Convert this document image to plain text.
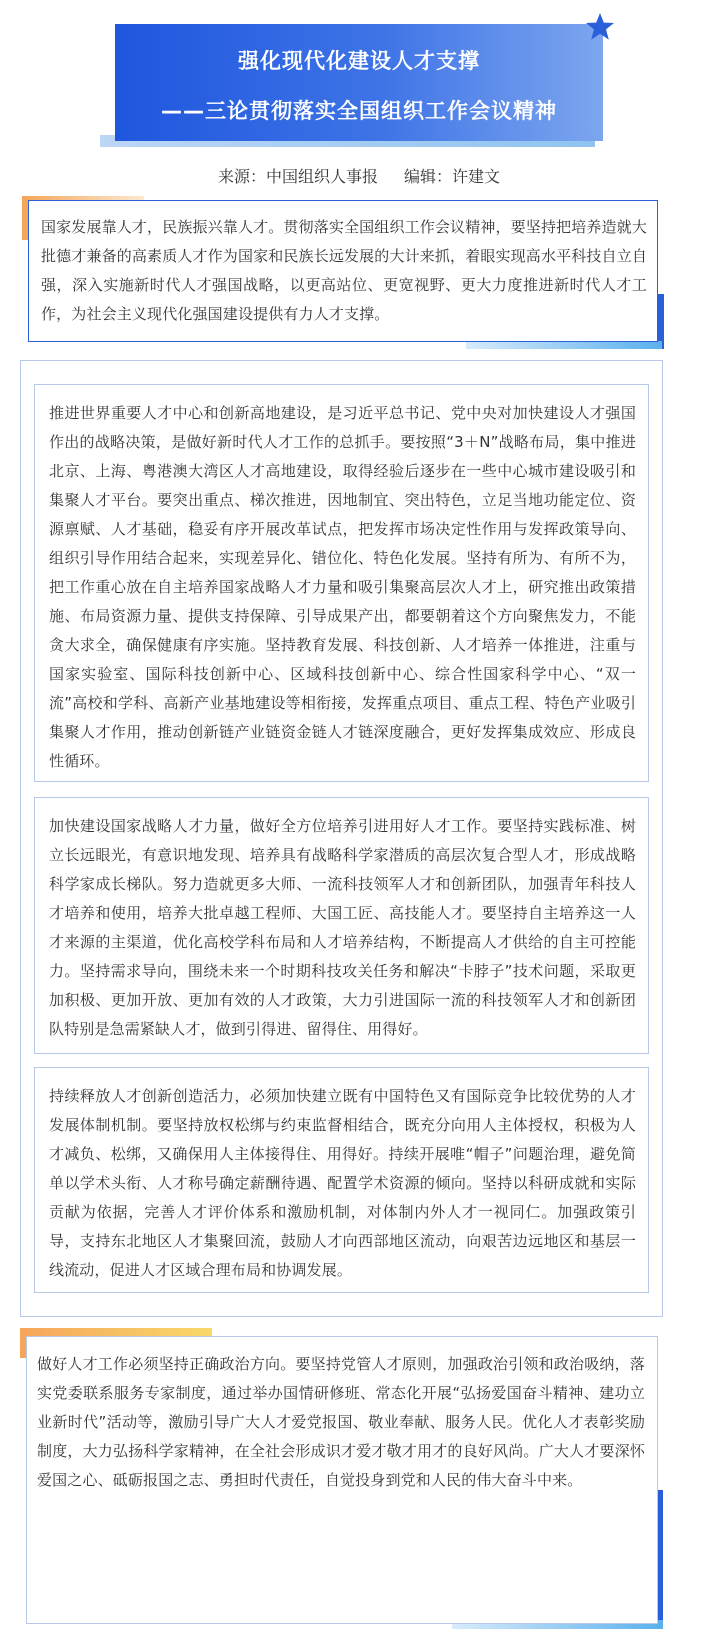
强化现代化建设人才支撑
——三论贯彻落实全国组织工作会议精神
来源：中国组织人事报 编辑：许建文

国家发展靠人才，民族振兴靠人才。贯彻落实全国组织工作会议精神，要坚持把培养造就大批德才兼备的高素质人才作为国家和民族长远发展的大计来抓，着眼实现高水平科技自立自强，深入实施新时代人才强国战略，以更高站位、更宽视野、更大力度推进新时代人才工作，为社会主义现代化强国建设提供有力人才支撑。

推进世界重要人才中心和创新高地建设，是习近平总书记、党中央对加快建设人才强国作出的战略决策，是做好新时代人才工作的总抓手。要按照“3＋N”战略布局，集中推进北京、上海、粤港澳大湾区人才高地建设，取得经验后逐步在一些中心城市建设吸引和集聚人才平台。要突出重点、梯次推进，因地制宜、突出特色，立足当地功能定位、资源禀赋、人才基础，稳妥有序开展改革试点，把发挥市场决定性作用与发挥政策导向、组织引导作用结合起来，实现差异化、错位化、特色化发展。坚持有所为、有所不为，把工作重心放在自主培养国家战略人才力量和吸引集聚高层次人才上，研究推出政策措施、布局资源力量、提供支持保障、引导成果产出，都要朝着这个方向聚焦发力，不能贪大求全，确保健康有序实施。坚持教育发展、科技创新、人才培养一体推进，注重与国家实验室、国际科技创新中心、区域科技创新中心、综合性国家科学中心、“双一流”高校和学科、高新产业基地建设等相衔接，发挥重点项目、重点工程、特色产业吸引集聚人才作用，推动创新链产业链资金链人才链深度融合，更好发挥集成效应、形成良性循环。

加快建设国家战略人才力量，做好全方位培养引进用好人才工作。要坚持实践标准、树立长远眼光，有意识地发现、培养具有战略科学家潜质的高层次复合型人才，形成战略科学家成长梯队。努力造就更多大师、一流科技领军人才和创新团队，加强青年科技人才培养和使用，培养大批卓越工程师、大国工匠、高技能人才。要坚持自主培养这一人才来源的主渠道，优化高校学科布局和人才培养结构，不断提高人才供给的自主可控能力。坚持需求导向，围绕未来一个时期科技攻关任务和解决“卡脖子”技术问题，采取更加积极、更加开放、更加有效的人才政策，大力引进国际一流的科技领军人才和创新团队特别是急需紧缺人才，做到引得进、留得住、用得好。

持续释放人才创新创造活力，必须加快建立既有中国特色又有国际竞争比较优势的人才发展体制机制。要坚持放权松绑与约束监督相结合，既充分向用人主体授权，积极为人才减负、松绑，又确保用人主体接得住、用得好。持续开展唯“帽子”问题治理，避免简单以学术头衔、人才称号确定薪酬待遇、配置学术资源的倾向。坚持以科研成就和实际贡献为依据，完善人才评价体系和激励机制，对体制内外人才一视同仁。加强政策引导，支持东北地区人才集聚回流，鼓励人才向西部地区流动，向艰苦边远地区和基层一线流动，促进人才区域合理布局和协调发展。

做好人才工作必须坚持正确政治方向。要坚持党管人才原则，加强政治引领和政治吸纳，落实党委联系服务专家制度，通过举办国情研修班、常态化开展“弘扬爱国奋斗精神、建功立业新时代”活动等，激励引导广大人才爱党报国、敬业奉献、服务人民。优化人才表彰奖励制度，大力弘扬科学家精神，在全社会形成识才爱才敬才用才的良好风尚。广大人才要深怀爱国之心、砥砺报国之志、勇担时代责任，自觉投身到党和人民的伟大奋斗中来。
